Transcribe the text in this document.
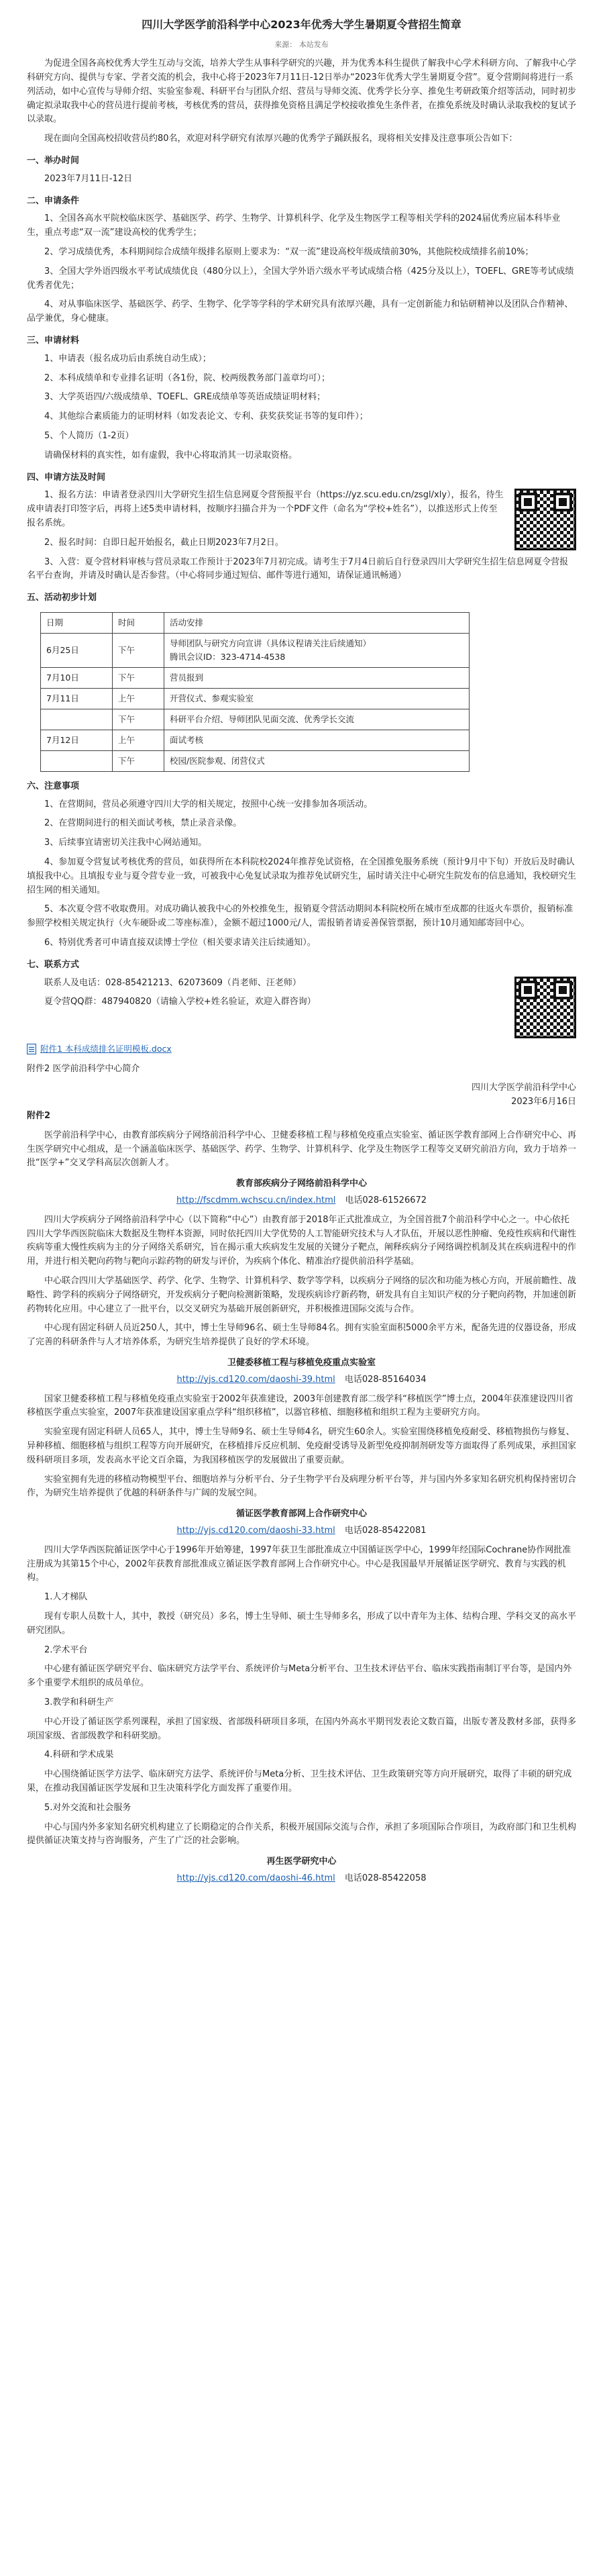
四川大学医学前沿科学中心2023年优秀大学生暑期夏令营招生简章
来源： 本站发布

为促进全国各高校优秀大学生互动与交流，培养大学生从事科学研究的兴趣，并为优秀本科生提供了解我中心学术科研方向、了解我中心学科研究方向、提供与专家、学者交流的机会，我中心将于2023年7月11日-12日举办“2023年优秀大学生暑期夏令营”。夏令营期间将进行一系列活动，如中心宣传与导师介绍、实验室参观、科研平台与团队介绍、营员与导师交流、优秀学长分享、推免生考研政策介绍等活动，同时初步确定拟录取我中心的营员进行提前考核，考核优秀的营员，获得推免资格且满足学校接收推免生条件者，在推免系统及时确认录取我校的复试予以录取。

现在面向全国高校招收营员约80名，欢迎对科学研究有浓厚兴趣的优秀学子踊跃报名，现将相关安排及注意事项公告如下：

一、举办时间

2023年7月11日-12日

二、申请条件

1、全国各高水平院校临床医学、基础医学、药学、生物学、计算机科学、化学及生物医学工程等相关学科的2024届优秀应届本科毕业生，重点考虑“双一流”建设高校的优秀学生；

2、学习成绩优秀，本科期间综合成绩年级排名原则上要求为：“双一流”建设高校年级成绩前30%，其他院校成绩排名前10%；

3、全国大学外语四级水平考试成绩优良（480分以上），全国大学外语六级水平考试成绩合格（425分及以上），TOEFL、GRE等考试成绩优秀者优先；

4、对从事临床医学、基础医学、药学、生物学、化学等学科的学术研究具有浓厚兴趣，具有一定创新能力和钻研精神以及团队合作精神、品学兼优，身心健康。

三、申请材料

1、申请表（报名成功后由系统自动生成）；

2、本科成绩单和专业排名证明（各1份，院、校两级教务部门盖章均可）；

3、大学英语四/六级成绩单、TOEFL、GRE成绩单等英语成绩证明材料；

4、其他综合素质能力的证明材料（如发表论文、专利、获奖获奖证书等的复印件）；

5、个人简历（1-2页）

请确保材料的真实性，如有虚假，我中心将取消其一切录取资格。

四、申请方法及时间

1、报名方法：申请者登录四川大学研究生招生信息网夏令营预报平台（https://yz.scu.edu.cn/zsgl/xly），报名，待生成申请表打印签字后，再将上述5类申请材料，按顺序扫描合并为一个PDF文件（命名为“学校+姓名”），以推送形式上传至报名系统。

2、报名时间：自即日起开始报名，截止日期2023年7月2日。

3、入营：夏令营材料审核与营员录取工作预计于2023年7月初完成。请考生于7月4日前后自行登录四川大学研究生招生信息网夏令营报名平台查询，并请及时确认是否参营。（中心将同步通过短信、邮件等进行通知，请保证通讯畅通）

五、活动初步计划
日期	时间	活动安排
6月25日	下午	导师团队与研究方向宣讲（具体议程请关注后续通知）
腾讯会议ID：323-4714-4538

7月10日	下午	营员报到

7月11日	上午	开营仪式、参观实验室

	下午	科研平台介绍、导师团队见面交流、优秀学长交流

7月12日	上午	面试考核

	下午	校园/医院参观、闭营仪式
六、注意事项

1、在营期间，营员必须遵守四川大学的相关规定，按照中心统一安排参加各项活动。

2、在营期间进行的相关面试考核，禁止录音录像。

3、后续事宜请密切关注我中心网站通知。

4、参加夏令营复试考核优秀的营员，如获得所在本科院校2024年推荐免试资格，在全国推免服务系统（预计9月中下旬）开放后及时确认填报我中心。且填报专业与夏令营专业一致，可被我中心免复试录取为推荐免试研究生，届时请关注中心研究生院发布的信息通知，我校研究生招生网的相关通知。

5、本次夏令营不收取费用。对成功确认被我中心的外校推免生，报销夏令营活动期间本科院校所在城市至成都的往返火车票价，报销标准参照学校相关规定执行（火车硬卧或二等座标准），金额不超过1000元/人，需报销者请妥善保管票据，预计10月通知邮寄回中心。

6、特别优秀者可申请直接双读博士学位（相关要求请关注后续通知）。

七、联系方式

联系人及电话：028-85421213、62073609（肖老师、汪老师）

夏令营QQ群：487940820（请输入学校+姓名验证，欢迎入群咨询）

附件1 本科成绩排名证明模板.docx

附件2 医学前沿科学中心简介

四川大学医学前沿科学中心

2023年6月16日

附件2

医学前沿科学中心，由教育部疾病分子网络前沿科学中心、卫健委移植工程与移植免疫重点实验室、循证医学教育部网上合作研究中心、再生医学研究中心组成，是一个涵盖临床医学、基础医学、药学、生物学、计算机科学、化学及生物医学工程等交叉研究前沿方向，致力于培养一批“医学+”交叉学科高层次创新人才。

教育部疾病分子网络前沿科学中心
http://fscdmm.wchscu.cn/index.html 电话028-61526672

四川大学疾病分子网络前沿科学中心（以下简称“中心”）由教育部于2018年正式批准成立，为全国首批7个前沿科学中心之一。中心依托四川大学华西医院临床大数据及生物样本资源，同时依托四川大学优势的人工智能研究技术与人才队伍，开展以恶性肿瘤、免疫性疾病和代谢性疾病等重大慢性疾病为主的分子网络关系研究，旨在揭示重大疾病发生发展的关键分子靶点，阐释疾病分子网络调控机制及其在疾病进程中的作用，并进行相关靶向药物与靶向示踪药物的研发与评价，为疾病个体化、精准治疗提供前沿科学基础。

中心联合四川大学基础医学、药学、化学、生物学、计算机科学、数学等学科，以疾病分子网络的层次和功能为核心方向，开展前瞻性、战略性、跨学科的疾病分子网络研究，开发疾病分子靶向检测新策略，发现疾病诊疗新药物，研发具有自主知识产权的分子靶向药物，并加速创新药物转化应用。中心建立了一批平台，以交叉研究为基础开展创新研究，并积极推进国际交流与合作。

中心现有固定科研人员近250人，其中，博士生导师96名、硕士生导师84名。拥有实验室面积5000余平方米，配备先进的仪器设备，形成了完善的科研条件与人才培养体系，为研究生培养提供了良好的学术环境。

卫健委移植工程与移植免疫重点实验室
http://yjs.cd120.com/daoshi-39.html 电话028-85164034

国家卫健委移植工程与移植免疫重点实验室于2002年获准建设，2003年创建教育部二级学科“移植医学”博士点，2004年获准建设四川省移植医学重点实验室，2007年获准建设国家重点学科“组织移植”，以器官移植、细胞移植和组织工程为主要研究方向。

实验室现有固定科研人员65人，其中，博士生导师9名、硕士生导师4名，研究生60余人。实验室围绕移植免疫耐受、移植物损伤与修复、异种移植、细胞移植与组织工程等方向开展研究，在移植排斥反应机制、免疫耐受诱导及新型免疫抑制剂研发等方面取得了系列成果，承担国家级科研项目多项，发表高水平论文百余篇，为我国移植医学的发展做出了重要贡献。

实验室拥有先进的移植动物模型平台、细胞培养与分析平台、分子生物学平台及病理分析平台等，并与国内外多家知名研究机构保持密切合作，为研究生培养提供了优越的科研条件与广阔的发展空间。

循证医学教育部网上合作研究中心
http://yjs.cd120.com/daoshi-33.html 电话028-85422081

四川大学华西医院循证医学中心于1996年开始筹建，1997年获卫生部批准成立中国循证医学中心，1999年经国际Cochrane协作网批准注册成为其第15个中心，2002年获教育部批准成立循证医学教育部网上合作研究中心。中心是我国最早开展循证医学研究、教育与实践的机构。

1.人才梯队

现有专职人员数十人，其中，教授（研究员）多名，博士生导师、硕士生导师多名，形成了以中青年为主体、结构合理、学科交叉的高水平研究团队。

2.学术平台

中心建有循证医学研究平台、临床研究方法学平台、系统评价与Meta分析平台、卫生技术评估平台、临床实践指南制订平台等，是国内外多个重要学术组织的成员单位。

3.教学和科研生产

中心开设了循证医学系列课程，承担了国家级、省部级科研项目多项，在国内外高水平期刊发表论文数百篇，出版专著及教材多部，获得多项国家级、省部级教学和科研奖励。

4.科研和学术成果

中心围绕循证医学方法学、临床研究方法学、系统评价与Meta分析、卫生技术评估、卫生政策研究等方向开展研究，取得了丰硕的研究成果，在推动我国循证医学发展和卫生决策科学化方面发挥了重要作用。

5.对外交流和社会服务

中心与国内外多家知名研究机构建立了长期稳定的合作关系，积极开展国际交流与合作，承担了多项国际合作项目，为政府部门和卫生机构提供循证决策支持与咨询服务，产生了广泛的社会影响。

再生医学研究中心
http://yjs.cd120.com/daoshi-46.html 电话028-85422058
